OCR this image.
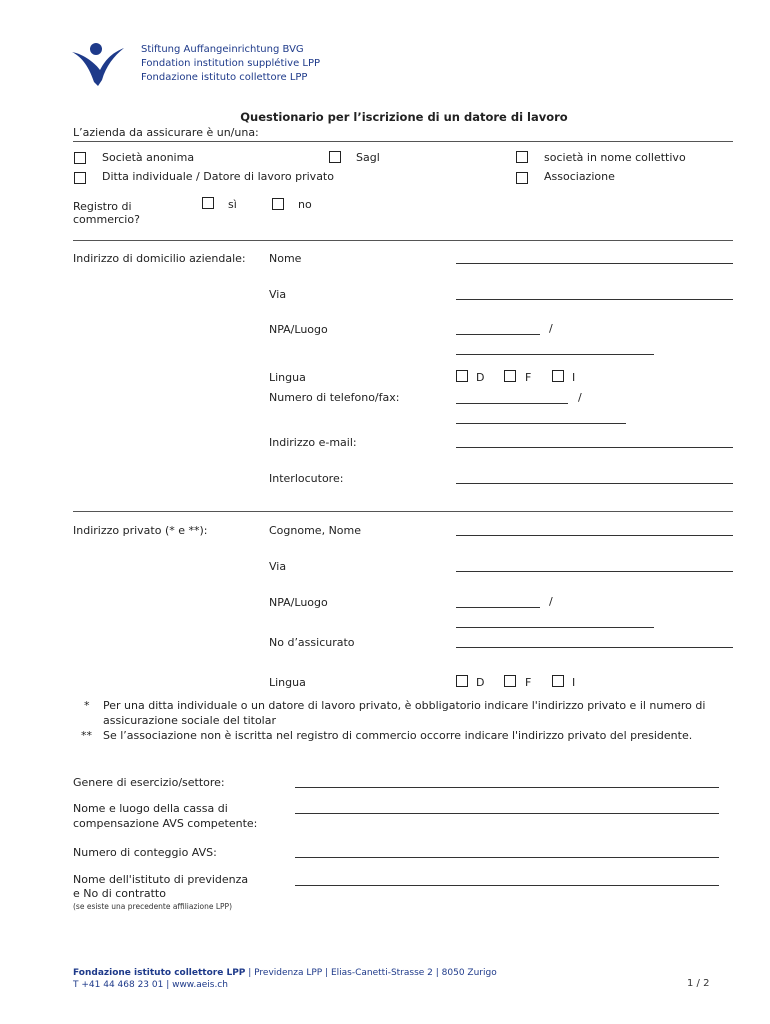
Stiftung Auffangeinrichtung BVG
Fondation institution supplétive LPP
Fondazione istituto collettore LPP
Questionario per l’iscrizione di un datore di lavoro
L’azienda da assicurare è un/una:
Società anonima	Sagl	società in nome collettivo
Ditta individuale / Datore di lavoro privato	Associazione
Registro di
commercio?
sì	no
Indirizzo di domicilio aziendale: Nome
Via
NPA/Luogo	/
Lingua	D	F	I
Numero di telefono/fax:	/
Indirizzo e-mail:
Interlocutore:
Indirizzo privato (* e **):	Cognome, Nome
Via
NPA/Luogo	/
No d’assicurato
Lingua	D	F	I
* Per una ditta individuale o un datore di lavoro privato, è obbligatorio indicare l'indirizzo privato e il numero di
assicurazione sociale del titolar
** Se l’associazione non è iscritta nel registro di commercio occorre indicare l'indirizzo privato del presidente.
Genere di esercizio/settore:
Nome e luogo della cassa di
compensazione AVS competente:
Numero di conteggio AVS:
Nome dell'istituto di previdenza
e No di contratto
(se esiste una precedente affiliazione LPP)
Fondazione istituto collettore LPP | Previdenza LPP | Elias-Canetti-Strasse 2 | 8050 Zurigo
T +41 44 468 23 01 | www.aeis.ch	1 / 2
